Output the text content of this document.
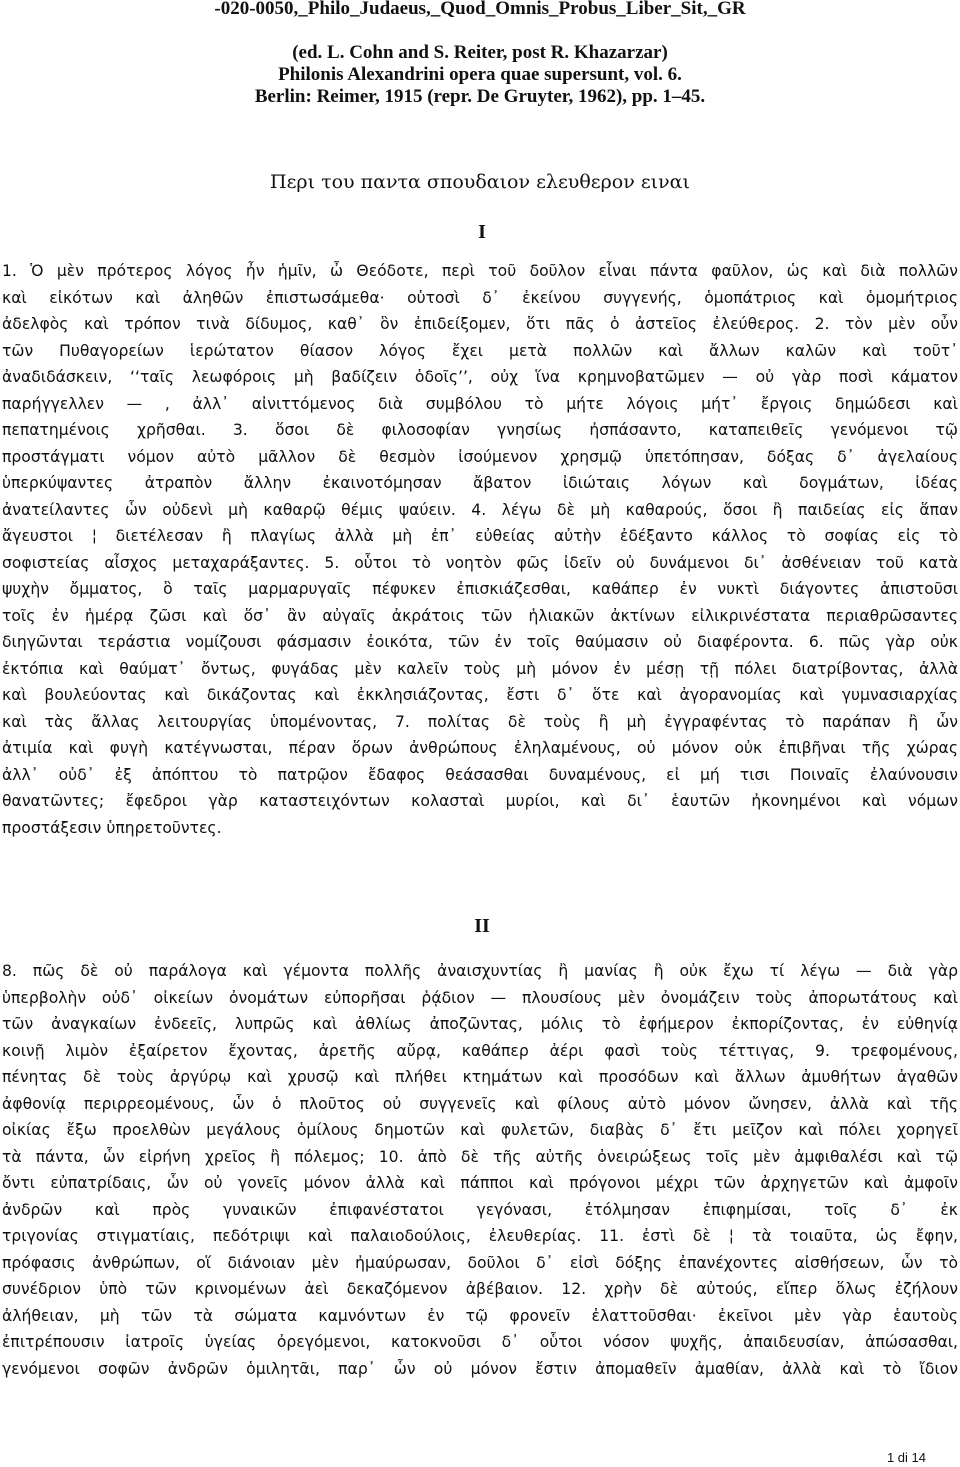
-020-0050,_Philo_Judaeus,_Quod_Omnis_Probus_Liber_Sit,_GR
(ed. L. Cohn and S. Reiter, post R. Khazarzar)
Philonis Alexandrini opera quae supersunt, vol. 6.
Berlin: Reimer, 1915 (repr. De Gruyter, 1962), pp. 1–45.
Περι του παντα σπουδαιον ελευθερον ειναι
I
1. Ὁ μὲν πρότερος λόγος ἦν ἡμῖν, ὦ Θεόδοτε, περὶ τοῦ δοῦλον εἶναι πάντα φαῦλον, ὡς καὶ διὰ πολλῶν
καὶ εἰκότων καὶ ἀληθῶν ἐπιστωσάμεθα· οὑτοσὶ δ᾽ ἐκείνου συγγενής, ὁμοπάτριος καὶ ὁμομήτριος
ἀδελφὸς καὶ τρόπον τινὰ δίδυμος, καθ᾽ ὃν ἐπιδείξομεν, ὅτι πᾶς ὁ ἀστεῖος ἐλεύθερος. 2. τὸν μὲν οὖν
τῶν Πυθαγορείων ἱερώτατον θίασον λόγος ἔχει μετὰ πολλῶν καὶ ἄλλων καλῶν καὶ τοῦτ᾽
ἀναδιδάσκειν, ‘‘ταῖς λεωφόροις μὴ βαδίζειν ὁδοῖς’’, οὐχ ἵνα κρημνοβατῶμεν — οὐ γὰρ ποσὶ κάματον
παρήγγελλεν — , ἀλλ᾽ αἰνιττόμενος διὰ συμβόλου τὸ μήτε λόγοις μήτ᾽ ἔργοις δημώδεσι καὶ
πεπατημένοις χρῆσθαι. 3. ὅσοι δὲ φιλοσοφίαν γνησίως ἠσπάσαντο, καταπειθεῖς γενόμενοι τῷ
προστάγματι νόμον αὐτὸ μᾶλλον δὲ θεσμὸν ἰσούμενον χρησμῷ ὑπετόπησαν, δόξας δ᾽ ἀγελαίους
ὑπερκύψαντες ἀτραπὸν ἄλλην ἐκαινοτόμησαν ἄβατον ἰδιώταις λόγων καὶ δογμάτων, ἰδέας
ἀνατείλαντες ὧν οὐδενὶ μὴ καθαρῷ θέμις ψαύειν. 4. λέγω δὲ μὴ καθαρούς, ὅσοι ἢ παιδείας εἰς ἅπαν
ἄγευστοι ¦ διετέλεσαν ἢ πλαγίως ἀλλὰ μὴ ἐπ᾽ εὐθείας αὐτὴν ἐδέξαντο κάλλος τὸ σοφίας εἰς τὸ
σοφιστείας αἶσχος μεταχαράξαντες. 5. οὗτοι τὸ νοητὸν φῶς ἰδεῖν οὐ δυνάμενοι δι᾽ ἀσθένειαν τοῦ κατὰ
ψυχὴν ὄμματος, ὃ ταῖς μαρμαρυγαῖς πέφυκεν ἐπισκιάζεσθαι, καθάπερ ἐν νυκτὶ διάγοντες ἀπιστοῦσι
τοῖς ἐν ἡμέρᾳ ζῶσι καὶ ὅσ᾽ ἂν αὐγαῖς ἀκράτοις τῶν ἡλιακῶν ἀκτίνων εἰλικρινέστατα περιαθρῶσαντες
διηγῶνται τεράστια νομίζουσι φάσμασιν ἐοικότα, τῶν ἐν τοῖς θαύμασιν οὐ διαφέροντα. 6. πῶς γὰρ οὐκ
ἐκτόπια καὶ θαύματ᾽ ὄντως, φυγάδας μὲν καλεῖν τοὺς μὴ μόνον ἐν μέσῃ τῇ πόλει διατρίβοντας, ἀλλὰ
καὶ βουλεύοντας καὶ δικάζοντας καὶ ἐκκλησιάζοντας, ἔστι δ᾽ ὅτε καὶ ἀγορανομίας καὶ γυμνασιαρχίας
καὶ τὰς ἄλλας λειτουργίας ὑπομένοντας, 7. πολίτας δὲ τοὺς ἢ μὴ ἐγγραφέντας τὸ παράπαν ἢ ὧν
ἀτιμία καὶ φυγὴ κατέγνωσται, πέραν ὅρων ἀνθρώπους ἐληλαμένους, οὐ μόνον οὐκ ἐπιβῆναι τῆς χώρας
ἀλλ᾽ οὐδ᾽ ἐξ ἀπόπτου τὸ πατρῷον ἔδαφος θεάσασθαι δυναμένους, εἰ μή τισι Ποιναῖς ἐλαύνουσιν
θανατῶντες; ἔφεδροι γὰρ καταστειχόντων κολασταὶ μυρίοι, καὶ δι᾽ ἑαυτῶν ἠκονημένοι καὶ νόμων
προστάξεσιν ὑπηρετοῦντες.
II
8. πῶς δὲ οὐ παράλογα καὶ γέμοντα πολλῆς ἀναισχυντίας ἢ μανίας ἢ οὐκ ἔχω τί λέγω — διὰ γὰρ
ὑπερβολὴν οὐδ᾽ οἰκείων ὀνομάτων εὐπορῆσαι ῥᾴδιον — πλουσίους μὲν ὀνομάζειν τοὺς ἀπορωτάτους καὶ
τῶν ἀναγκαίων ἐνδεεῖς, λυπρῶς καὶ ἀθλίως ἀποζῶντας, μόλις τὸ ἐφήμερον ἐκπορίζοντας, ἐν εὐθηνίᾳ
κοινῇ λιμὸν ἐξαίρετον ἔχοντας, ἀρετῆς αὔρᾳ, καθάπερ ἀέρι φασὶ τοὺς τέττιγας, 9. τρεφομένους,
πένητας δὲ τοὺς ἀργύρῳ καὶ χρυσῷ καὶ πλήθει κτημάτων καὶ προσόδων καὶ ἄλλων ἀμυθήτων ἀγαθῶν
ἀφθονίᾳ περιρρεομένους, ὧν ὁ πλοῦτος οὐ συγγενεῖς καὶ φίλους αὐτὸ μόνον ὤνησεν, ἀλλὰ καὶ τῆς
οἰκίας ἔξω προελθὼν μεγάλους ὁμίλους δημοτῶν καὶ φυλετῶν, διαβὰς δ᾽ ἔτι μεῖζον καὶ πόλει χορηγεῖ
τὰ πάντα, ὧν εἰρήνη χρεῖος ἢ πόλεμος; 10. ἀπὸ δὲ τῆς αὐτῆς ὀνειρώξεως τοῖς μὲν ἀμφιθαλέσι καὶ τῷ
ὄντι εὐπατρίδαις, ὧν οὐ γονεῖς μόνον ἀλλὰ καὶ πάπποι καὶ πρόγονοι μέχρι τῶν ἀρχηγετῶν καὶ ἀμφοῖν
ἀνδρῶν καὶ πρὸς γυναικῶν ἐπιφανέστατοι γεγόνασι, ἐτόλμησαν ἐπιφημίσαι, τοῖς δ᾽ ἐκ
τριγονίας στιγματίαις, πεδότριψι καὶ παλαιοδούλοις, ἐλευθερίας. 11. ἐστὶ δὲ ¦ τὰ τοιαῦτα, ὡς ἔφην,
πρόφασις ἀνθρώπων, οἵ διάνοιαν μὲν ἠμαύρωσαν, δοῦλοι δ᾽ εἰσὶ δόξης ἐπανέχοντες αἰσθήσεων, ὧν τὸ
συνέδριον ὑπὸ τῶν κρινομένων ἀεὶ δεκαζόμενον ἀβέβαιον. 12. χρὴν δὲ αὐτούς, εἴπερ ὅλως ἐζήλουν
ἀλήθειαν, μὴ τῶν τὰ σώματα καμνόντων ἐν τῷ φρονεῖν ἐλαττοῦσθαι· ἐκεῖνοι μὲν γὰρ ἑαυτοὺς
ἐπιτρέπουσιν ἰατροῖς ὑγείας ὀρεγόμενοι, κατοκνοῦσι δ᾽ οὗτοι νόσον ψυχῆς, ἀπαιδευσίαν, ἀπώσασθαι,
γενόμενοι σοφῶν ἀνδρῶν ὁμιλητᾶι, παρ᾽ ὧν οὐ μόνον ἔστιν ἀπομαθεῖν ἀμαθίαν, ἀλλὰ καὶ τὸ ἴδιον
1 di 14
